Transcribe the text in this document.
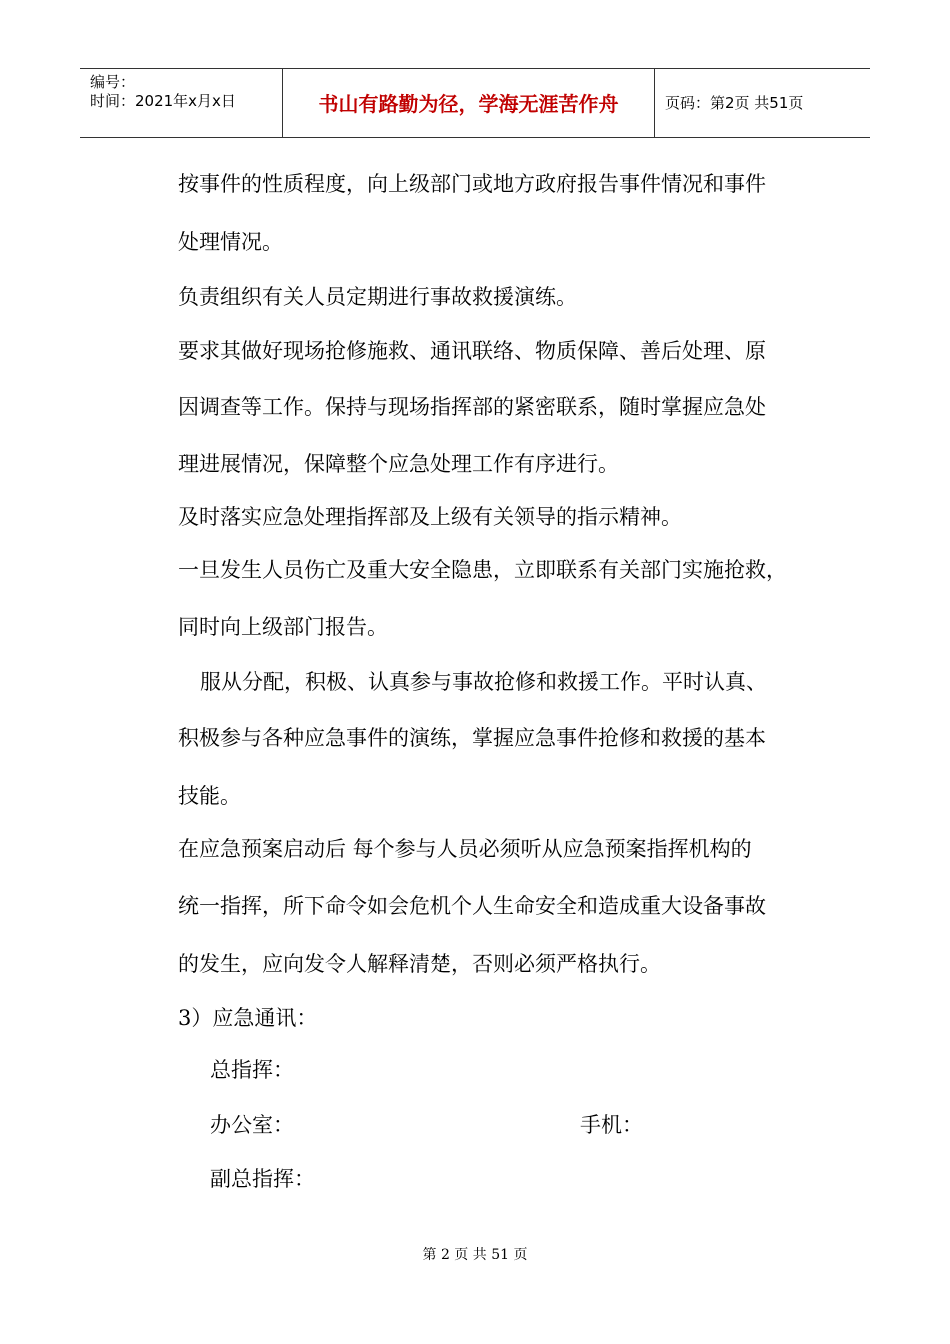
编号：
时间：2021年x月x日	书山有路勤为径，学海无涯苦作舟	页码：第2页 共51页

按事件的性质程度，向上级部门或地方政府报告事件情况和事件

处理情况。

负责组织有关人员定期进行事故救援演练。

要求其做好现场抢修施救、通讯联络、物质保障、善后处理、原

因调查等工作。保持与现场指挥部的紧密联系，随时掌握应急处

理进展情况，保障整个应急处理工作有序进行。

及时落实应急处理指挥部及上级有关领导的指示精神。

一旦发生人员伤亡及重大安全隐患，立即联系有关部门实施抢救，

同时向上级部门报告。

服从分配，积极、认真参与事故抢修和救援工作。平时认真、

积极参与各种应急事件的演练，掌握应急事件抢修和救援的基本

技能。

在应急预案启动后 每个参与人员必须听从应急预案指挥机构的

统一指挥，所下命令如会危机个人生命安全和造成重大设备事故

的发生，应向发令人解释清楚，否则必须严格执行。

3）应急通讯：

总指挥：

办公室：	手机：

副总指挥：

第 2 页 共 51 页
